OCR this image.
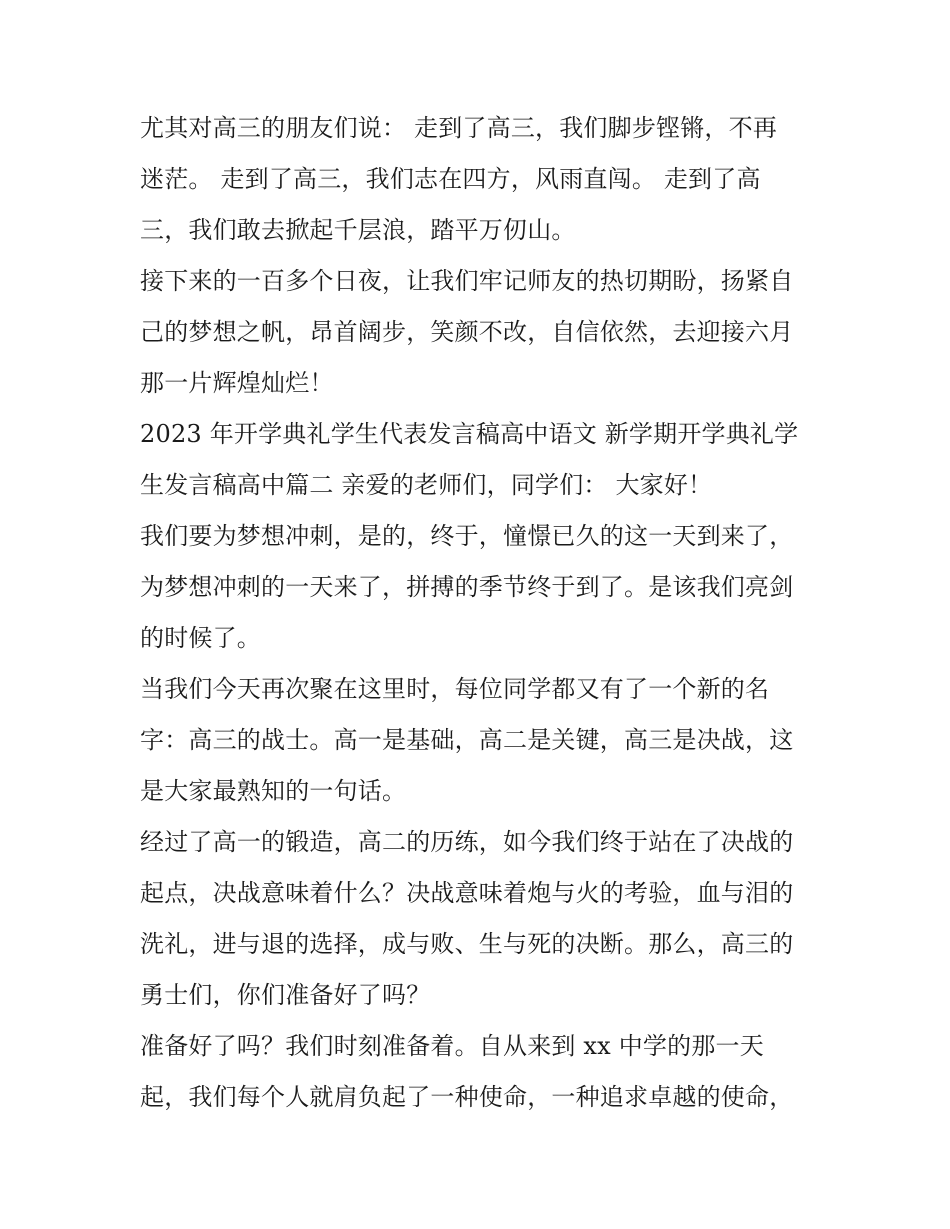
尤其对高三的朋友们说： 走到了高三，我们脚步铿锵，不再
迷茫。 走到了高三，我们志在四方，风雨直闯。 走到了高
三，我们敢去掀起千层浪，踏平万仞山。
接下来的一百多个日夜，让我们牢记师友的热切期盼，扬紧自
己的梦想之帆，昂首阔步，笑颜不改，自信依然，去迎接六月
那一片辉煌灿烂！
2023 年开学典礼学生代表发言稿高中语文 新学期开学典礼学
生发言稿高中篇二 亲爱的老师们，同学们： 大家好！
我们要为梦想冲刺，是的，终于，憧憬已久的这一天到来了，
为梦想冲刺的一天来了，拼搏的季节终于到了。是该我们亮剑
的时候了。
当我们今天再次聚在这里时，每位同学都又有了一个新的名
字：高三的战士。高一是基础，高二是关键，高三是决战，这
是大家最熟知的一句话。
经过了高一的锻造，高二的历练，如今我们终于站在了决战的
起点，决战意味着什么？决战意味着炮与火的考验，血与泪的
洗礼，进与退的选择，成与败、生与死的决断。那么，高三的
勇士们，你们准备好了吗？
准备好了吗？我们时刻准备着。自从来到 xx 中学的那一天
起，我们每个人就肩负起了一种使命，一种追求卓越的使命，
